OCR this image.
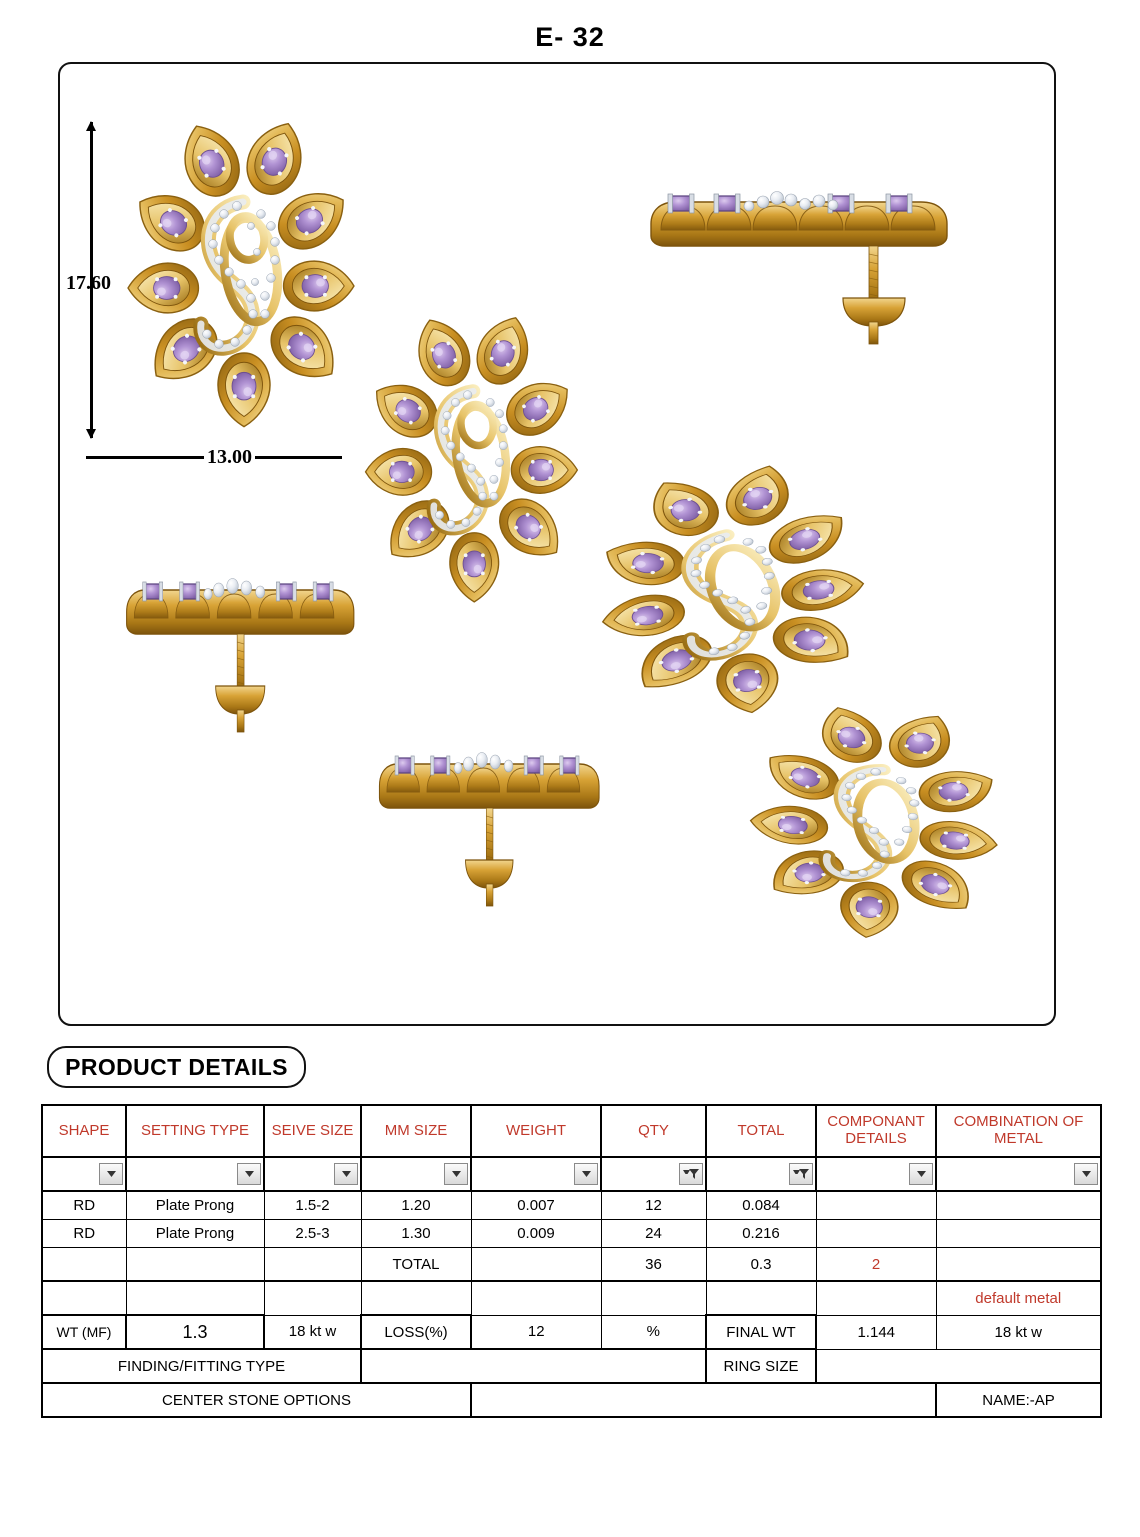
E- 32
17.60
13.00
PRODUCT DETAILS
SHAPE	SETTING TYPE	SEIVE SIZE	MM SIZE	WEIGHT	QTY	TOTAL	COMPONANT DETAILS	COMBINATION OF METAL

RD	Plate Prong	1.5-2	1.20	0.007	12	0.084		
RD	Plate Prong	2.5-3	1.30	0.009	24	0.216		
			TOTAL		36	0.3	2	
								default metal
WT (MF)	1.3	18 kt w	LOSS(%)	12	%	FINAL WT	1.144	18 kt w
FINDING/FITTING TYPE						RING SIZE		
CENTER STONE OPTIONS								NAME:-AP
